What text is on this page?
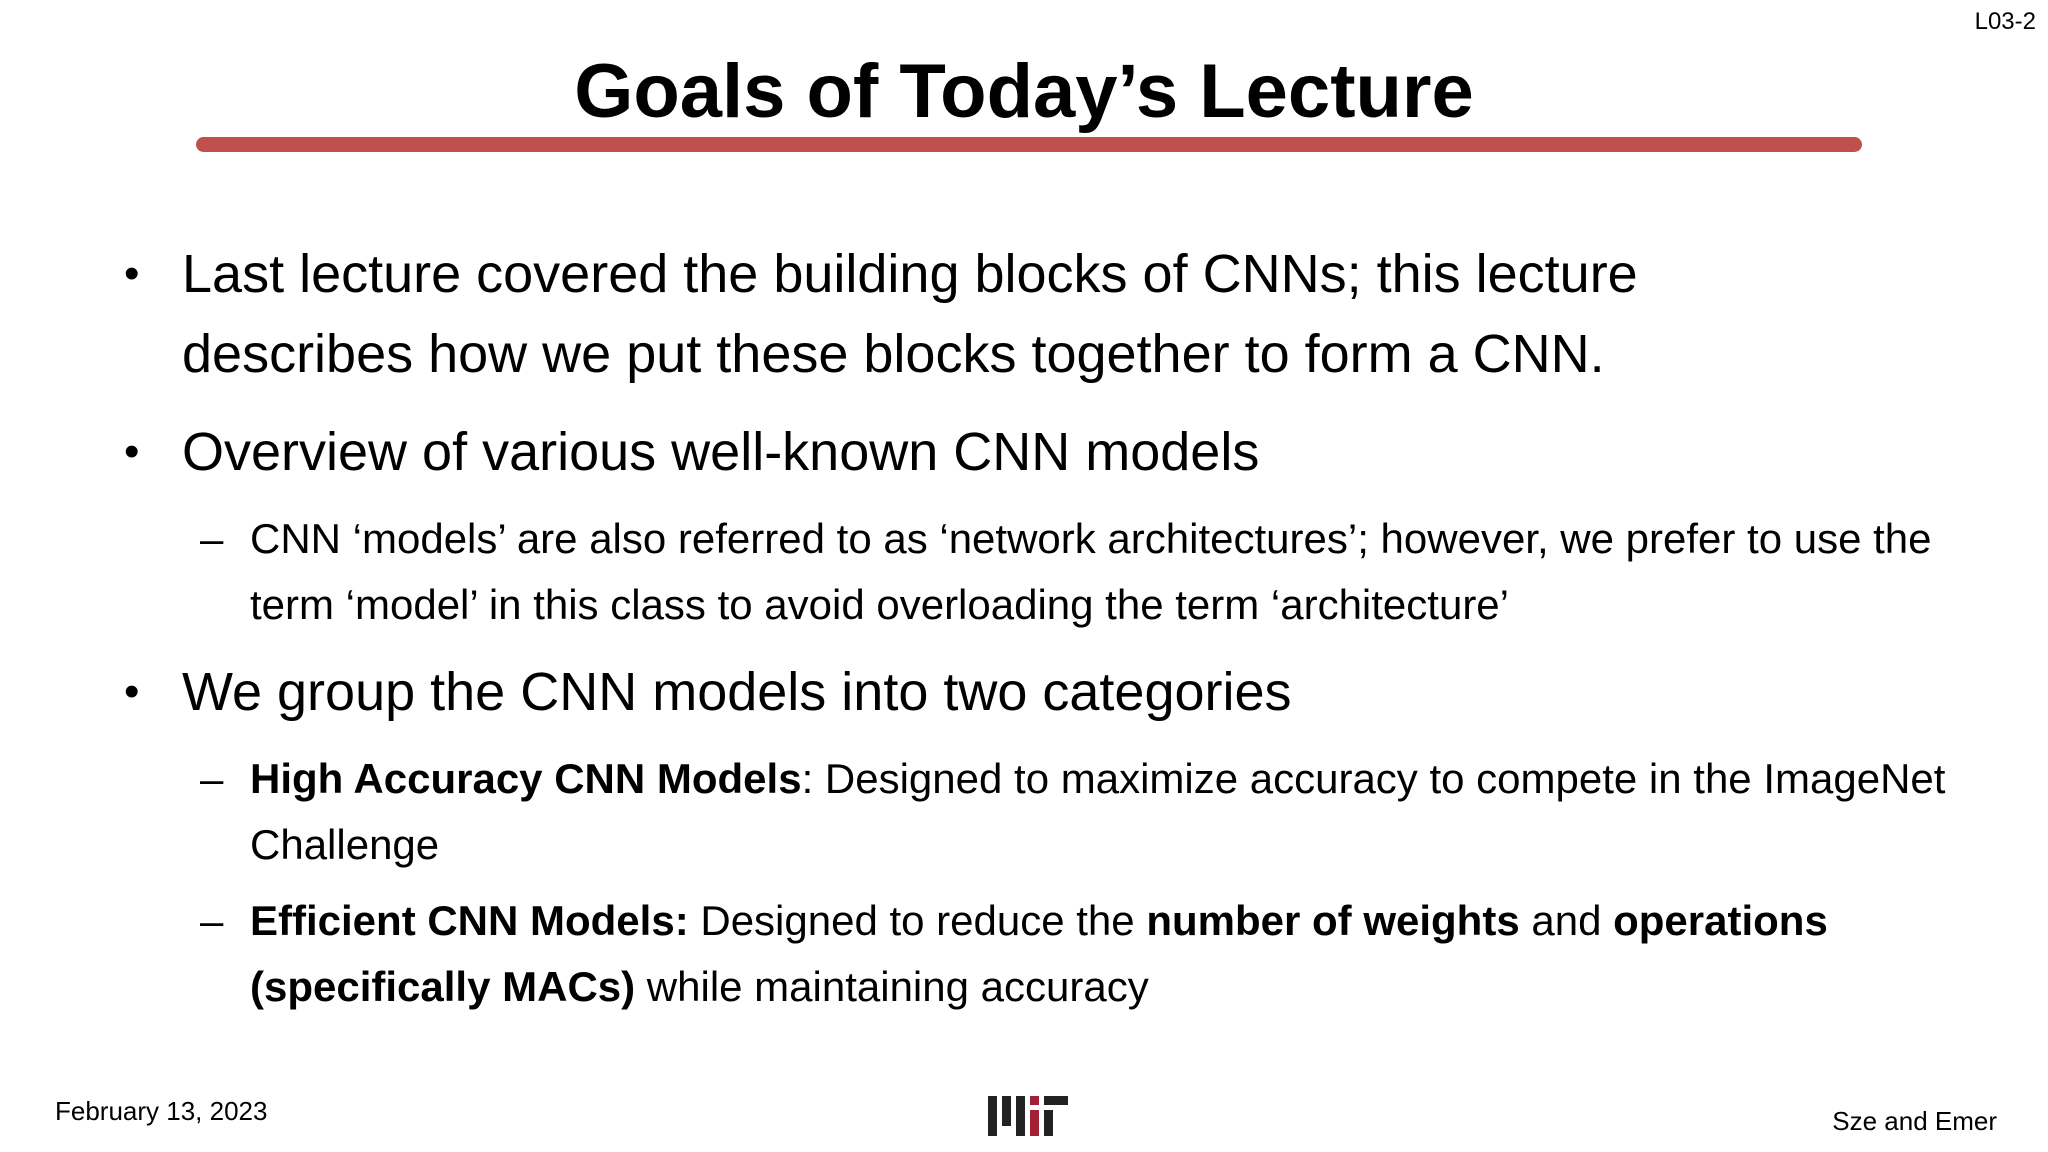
L03-2
Goals of Today’s Lecture
• Last lecture covered the building blocks of CNNs; this lecture describes how we put these blocks together to form a CNN.
• Overview of various well-known CNN models
– CNN ‘models’ are also referred to as ‘network architectures’; however, we prefer to use the term ‘model’ in this class to avoid overloading the term ‘architecture’
• We group the CNN models into two categories
– High Accuracy CNN Models: Designed to maximize accuracy to compete in the ImageNet Challenge
– Efficient CNN Models: Designed to reduce the number of weights and operations (specifically MACs) while maintaining accuracy
February 13, 2023	Sze and Emer
